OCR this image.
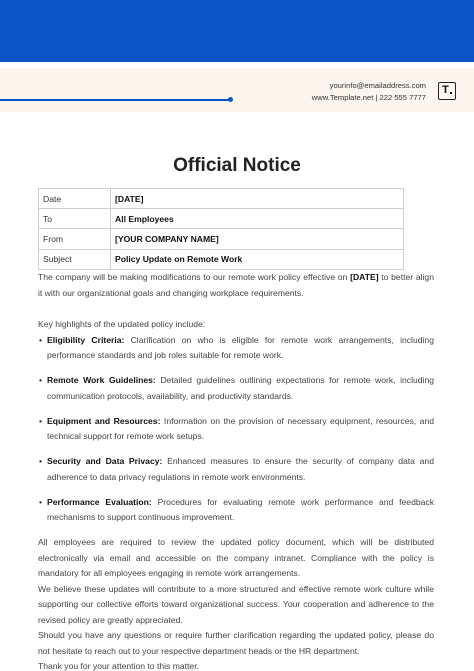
yourinfo@emailaddress.com
www.Template.net | 222 555 7777
T
Official Notice
Date	[DATE]
To	All Employees
From	[YOUR COMPANY NAME]
Subject	Policy Update on Remote Work

The company will be making modifications to our remote work policy effective on [DATE] to better align it with our organizational goals and changing workplace requirements.

Key highlights of the updated policy include:

• Eligibility Criteria: Clarification on who is eligible for remote work arrangements, including performance standards and job roles suitable for remote work.
• Remote Work Guidelines: Detailed guidelines outlining expectations for remote work, including communication protocols, availability, and productivity standards.
• Equipment and Resources: Information on the provision of necessary equipment, resources, and technical support for remote work setups.
• Security and Data Privacy: Enhanced measures to ensure the security of company data and adherence to data privacy regulations in remote work environments.
• Performance Evaluation: Procedures for evaluating remote work performance and feedback mechanisms to support continuous improvement.

All employees are required to review the updated policy document, which will be distributed electronically via email and accessible on the company intranet. Compliance with the policy is mandatory for all employees engaging in remote work arrangements.

We believe these updates will contribute to a more structured and effective remote work culture while supporting our collective efforts toward organizational success. Your cooperation and adherence to the revised policy are greatly appreciated.

Should you have any questions or require further clarification regarding the updated policy, please do not hesitate to reach out to your respective department heads or the HR department.

Thank you for your attention to this matter.
